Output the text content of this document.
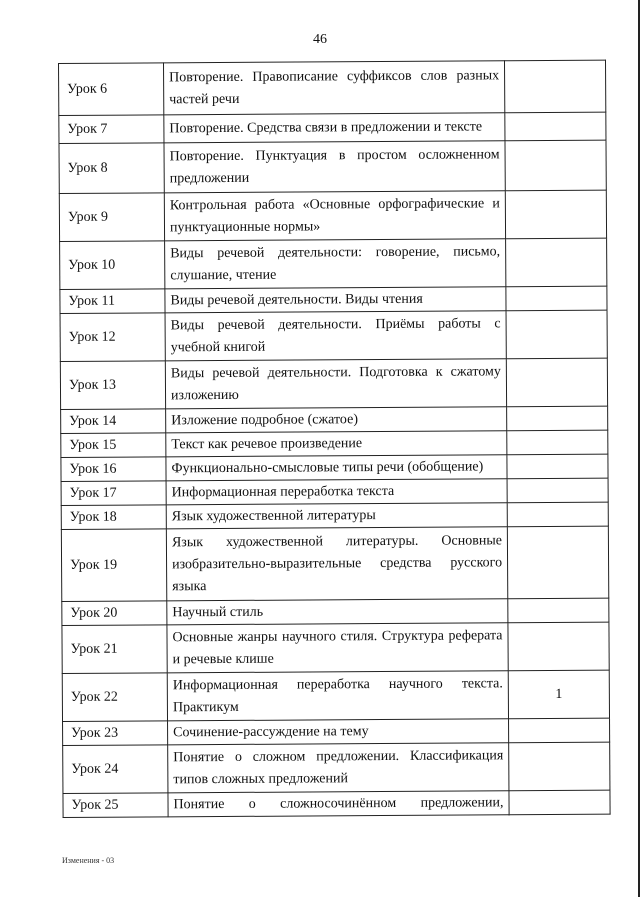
46
Урок 6	Повторение. Правописание суффиксов слов разных частей речи	
Урок 7	Повторение. Средства связи в предложении и тексте	
Урок 8	Повторение. Пунктуация в простом осложненном предложении	
Урок 9	Контрольная работа «Основные орфографические и пунктуационные нормы»	
Урок 10	Виды речевой деятельности: говорение, письмо, слушание, чтение	
Урок 11	Виды речевой деятельности. Виды чтения	
Урок 12	Виды речевой деятельности. Приёмы работы с учебной книгой	
Урок 13	Виды речевой деятельности. Подготовка к сжатому изложению	
Урок 14	Изложение подробное (сжатое)	
Урок 15	Текст как речевое произведение	
Урок 16	Функционально-смысловые типы речи (обобщение)	
Урок 17	Информационная переработка текста	
Урок 18	Язык художественной литературы	
Урок 19	Язык художественной литературы. Основные изобразительно-выразительные средства русского языка	
Урок 20	Научный стиль	
Урок 21	Основные жанры научного стиля. Структура реферата и речевые клише	
Урок 22	Информационная переработка научного текста. Практикум	1
Урок 23	Сочинение-рассуждение на тему	
Урок 24	Понятие о сложном предложении. Классификация типов сложных предложений	
Урок 25	Понятие о сложносочинённом предложении,	
Изменения - 03
